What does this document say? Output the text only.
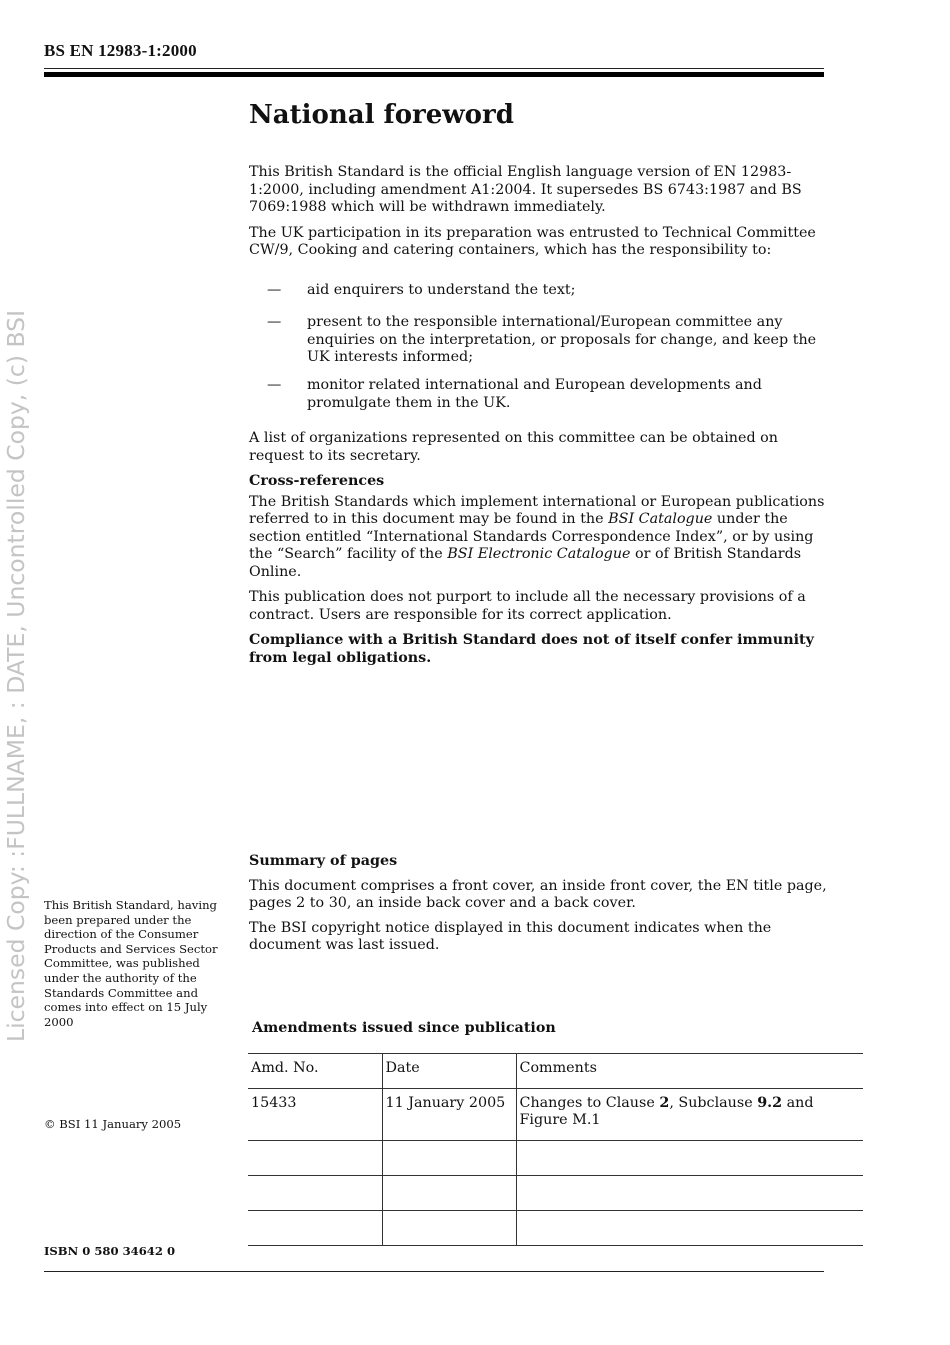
BS EN 12983-1:2000
Licensed Copy: :FULLNAME, : DATE, Uncontrolled Copy, (c) BSI
National foreword

This British Standard is the official English language version of EN 12983-1:2000, including amendment A1:2004. It supersedes BS 6743:1987 and BS 7069:1988 which will be withdrawn immediately.

The UK participation in its preparation was entrusted to Technical Committee CW/9, Cooking and catering containers, which has the responsibility to:

— aid enquirers to understand the text;
— present to the responsible international/European committee any enquiries on the interpretation, or proposals for change, and keep the UK interests informed;
— monitor related international and European developments and promulgate them in the UK.

A list of organizations represented on this committee can be obtained on request to its secretary.

Cross-references

The British Standards which implement international or European publications referred to in this document may be found in the BSI Catalogue under the section entitled “International Standards Correspondence Index”, or by using the “Search” facility of the BSI Electronic Catalogue or of British Standards Online.

This publication does not purport to include all the necessary provisions of a contract. Users are responsible for its correct application.

Compliance with a British Standard does not of itself confer immunity from legal obligations.

Summary of pages

This document comprises a front cover, an inside front cover, the EN title page, pages 2 to 30, an inside back cover and a back cover.

The BSI copyright notice displayed in this document indicates when the document was last issued.

This British Standard, having been prepared under the direction of the Consumer Products and Services Sector Committee, was published under the authority of the Standards Committee and comes into effect on 15 July 2000
© BSI 11 January 2005
Amendments issued since publication
Amd. No.	Date	Comments
15433	11 January 2005	Changes to Clause 2, Subclause 9.2 and Figure M.1

ISBN 0 580 34642 0
